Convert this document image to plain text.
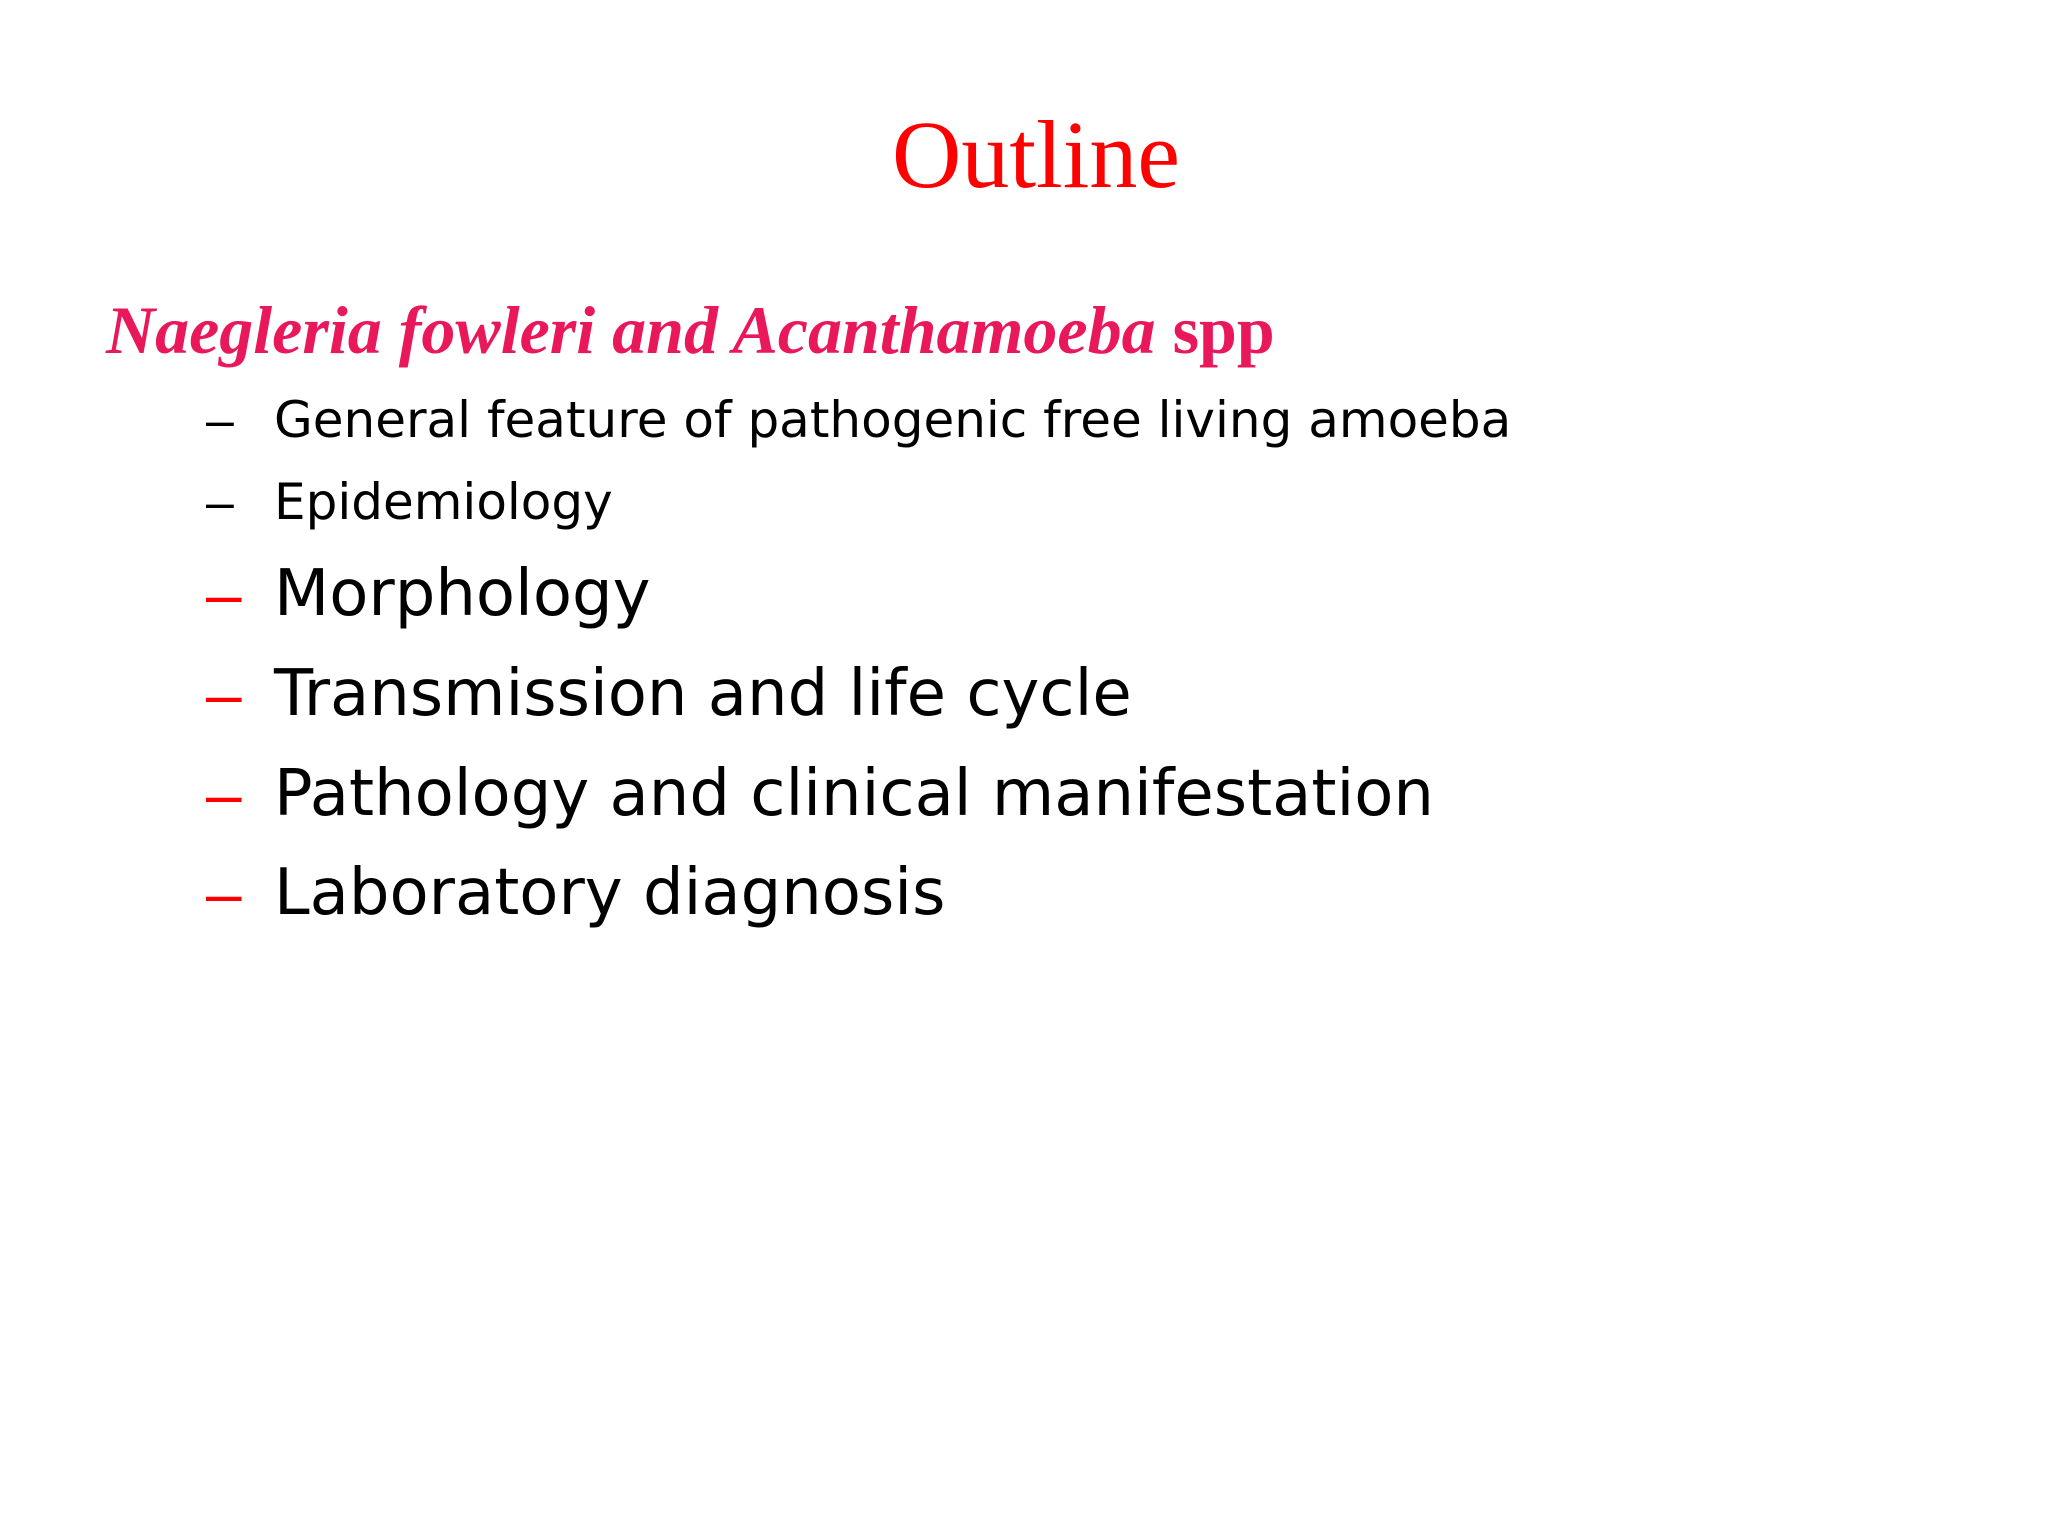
Outline
Naegleria fowleri and Acanthamoeba spp
– General feature of pathogenic free living amoeba
– Epidemiology
– Morphology
– Transmission and life cycle
– Pathology and clinical manifestation
– Laboratory diagnosis
